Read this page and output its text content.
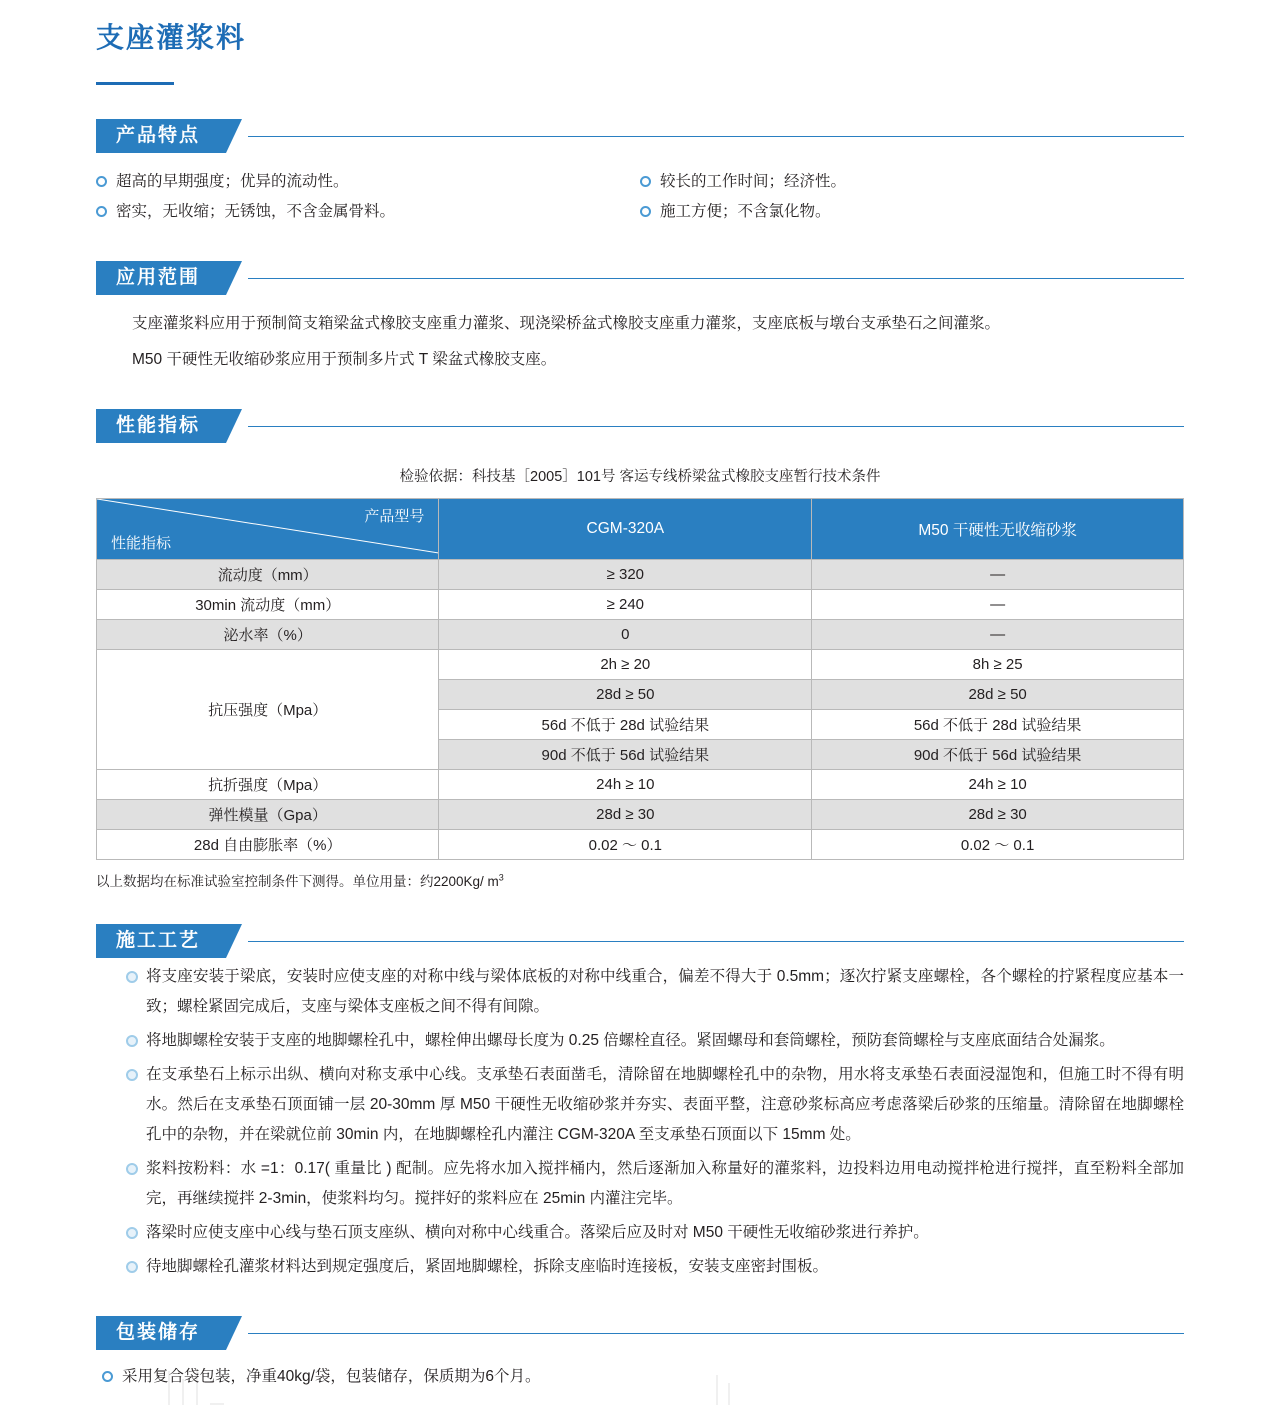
支座灌浆料
产品特点
超高的早期强度；优异的流动性。
密实，无收缩；无锈蚀，不含金属骨料。
较长的工作时间；经济性。
施工方便；不含氯化物。
应用范围
支座灌浆料应用于预制简支箱梁盆式橡胶支座重力灌浆、现浇梁桥盆式橡胶支座重力灌浆，支座底板与墩台支承垫石之间灌浆。
M50 干硬性无收缩砂浆应用于预制多片式 T 梁盆式橡胶支座。
性能指标
检验依据：科技基［2005］101号 客运专线桥梁盆式橡胶支座暂行技术条件
产品型号
性能指标	CGM-320A	M50 干硬性无收缩砂浆
流动度（mm）	≥ 320	—
30min 流动度（mm）	≥ 240	—
泌水率（%）	0	—
抗压强度（Mpa）	2h ≥ 20	8h ≥ 25
	28d ≥ 50	28d ≥ 50
	56d 不低于 28d 试验结果	56d 不低于 28d 试验结果
	90d 不低于 56d 试验结果	90d 不低于 56d 试验结果
抗折强度（Mpa）	24h ≥ 10	24h ≥ 10
弹性模量（Gpa）	28d ≥ 30	28d ≥ 30
28d 自由膨胀率（%）	0.02 ～ 0.1	0.02 ～ 0.1
以上数据均在标准试验室控制条件下测得。单位用量：约2200Kg/ $m^3$
施工工艺
将支座安装于梁底，安装时应使支座的对称中线与梁体底板的对称中线重合，偏差不得大于 0.5mm；逐次拧紧支座螺栓，各个螺栓的拧紧程度应基本一致；螺栓紧固完成后，支座与梁体支座板之间不得有间隙。
将地脚螺栓安装于支座的地脚螺栓孔中，螺栓伸出螺母长度为 0.25 倍螺栓直径。紧固螺母和套筒螺栓，预防套筒螺栓与支座底面结合处漏浆。
在支承垫石上标示出纵、横向对称支承中心线。支承垫石表面凿毛，清除留在地脚螺栓孔中的杂物，用水将支承垫石表面浸湿饱和，但施工时不得有明水。然后在支承垫石顶面铺一层 20-30mm 厚 M50 干硬性无收缩砂浆并夯实、表面平整，注意砂浆标高应考虑落梁后砂浆的压缩量。清除留在地脚螺栓孔中的杂物，并在梁就位前 30min 内，在地脚螺栓孔内灌注 CGM-320A 至支承垫石顶面以下 15mm 处。
浆料按粉料：水 =1：0.17( 重量比 ) 配制。应先将水加入搅拌桶内，然后逐渐加入称量好的灌浆料，边投料边用电动搅拌枪进行搅拌，直至粉料全部加完，再继续搅拌 2-3min，使浆料均匀。搅拌好的浆料应在 25min 内灌注完毕。
落梁时应使支座中心线与垫石顶支座纵、横向对称中心线重合。落梁后应及时对 M50 干硬性无收缩砂浆进行养护。
待地脚螺栓孔灌浆材料达到规定强度后，紧固地脚螺栓，拆除支座临时连接板，安装支座密封围板。
包装储存
采用复合袋包装，净重40kg/袋，包装储存，保质期为6个月。
